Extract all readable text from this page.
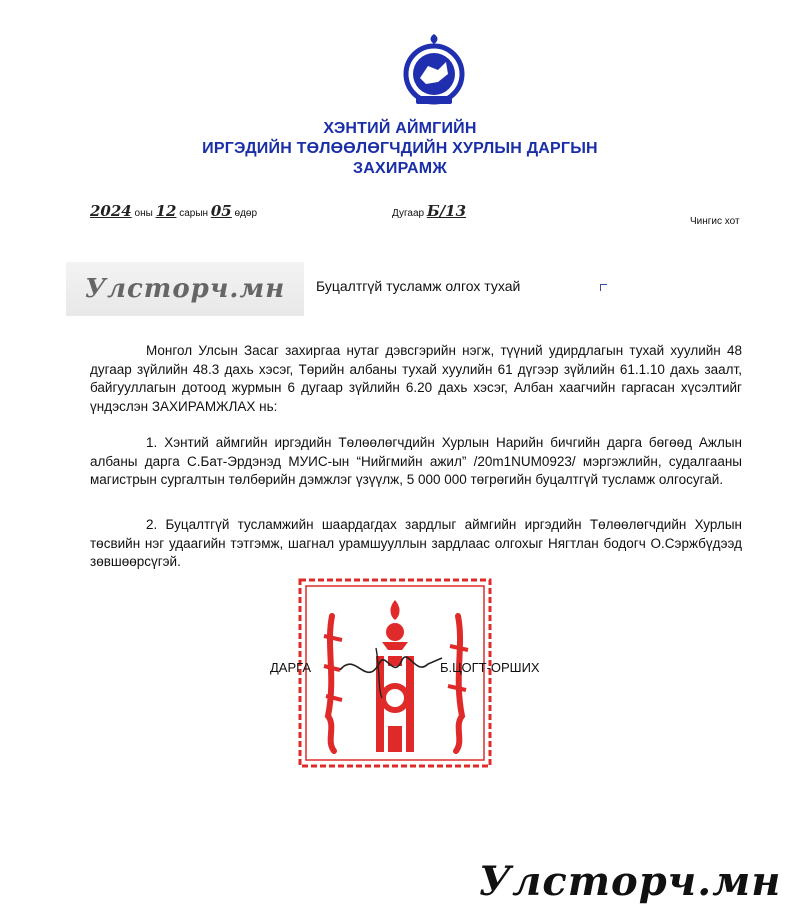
ХЭНТИЙ АЙМГИЙН
ИРГЭДИЙН ТӨЛӨӨЛӨГЧДИЙН ХУРЛЫН ДАРГЫН
ЗАХИРАМЖ
2024 оны 12 сарын 05 өдөр	Дугаар Б/13
Чингис хот
Улсторч.мн Буцалтгүй тусламж олгох тухай
Монгол Улсын Засаг захиргаа нутаг дэвсгэрийн нэгж, түүний удирдлагын тухай хуулийн 48 дугаар зүйлийн 48.3 дахь хэсэг, Төрийн албаны тухай хуулийн 61 дүгээр зүйлийн 61.1.10 дахь заалт, байгууллагын дотоод журмын 6 дугаар зүйлийн 6.20 дахь хэсэг, Албан хаагчийн гаргасан хүсэлтийг үндэслэн ЗАХИРАМЖЛАХ нь:
1. Хэнтий аймгийн иргэдийн Төлөөлөгчдийн Хурлын Нарийн бичгийн дарга бөгөөд Ажлын албаны дарга С.Бат-Эрдэнэд МУИС-ын “Нийгмийн ажил” /20m1NUM0923/ мэргэжлийн, судалгааны магистрын сургалтын төлбөрийн дэмжлэг үзүүлж, 5 000 000 төгрөгийн буцалтгүй тусламж олгосугай.
2. Буцалтгүй тусламжийн шаардагдах зардлыг аймгийн иргэдийн Төлөөлөгчдийн Хурлын төсвийн нэг удаагийн тэтгэмж, шагнал урамшууллын зардлаас олгохыг Нягтлан бодогч О.Сэржбүдээд зөвшөөрсүгэй.
ДАРГА	Б.ЦОГТ-ОРШИХ
Улсторч.мн
